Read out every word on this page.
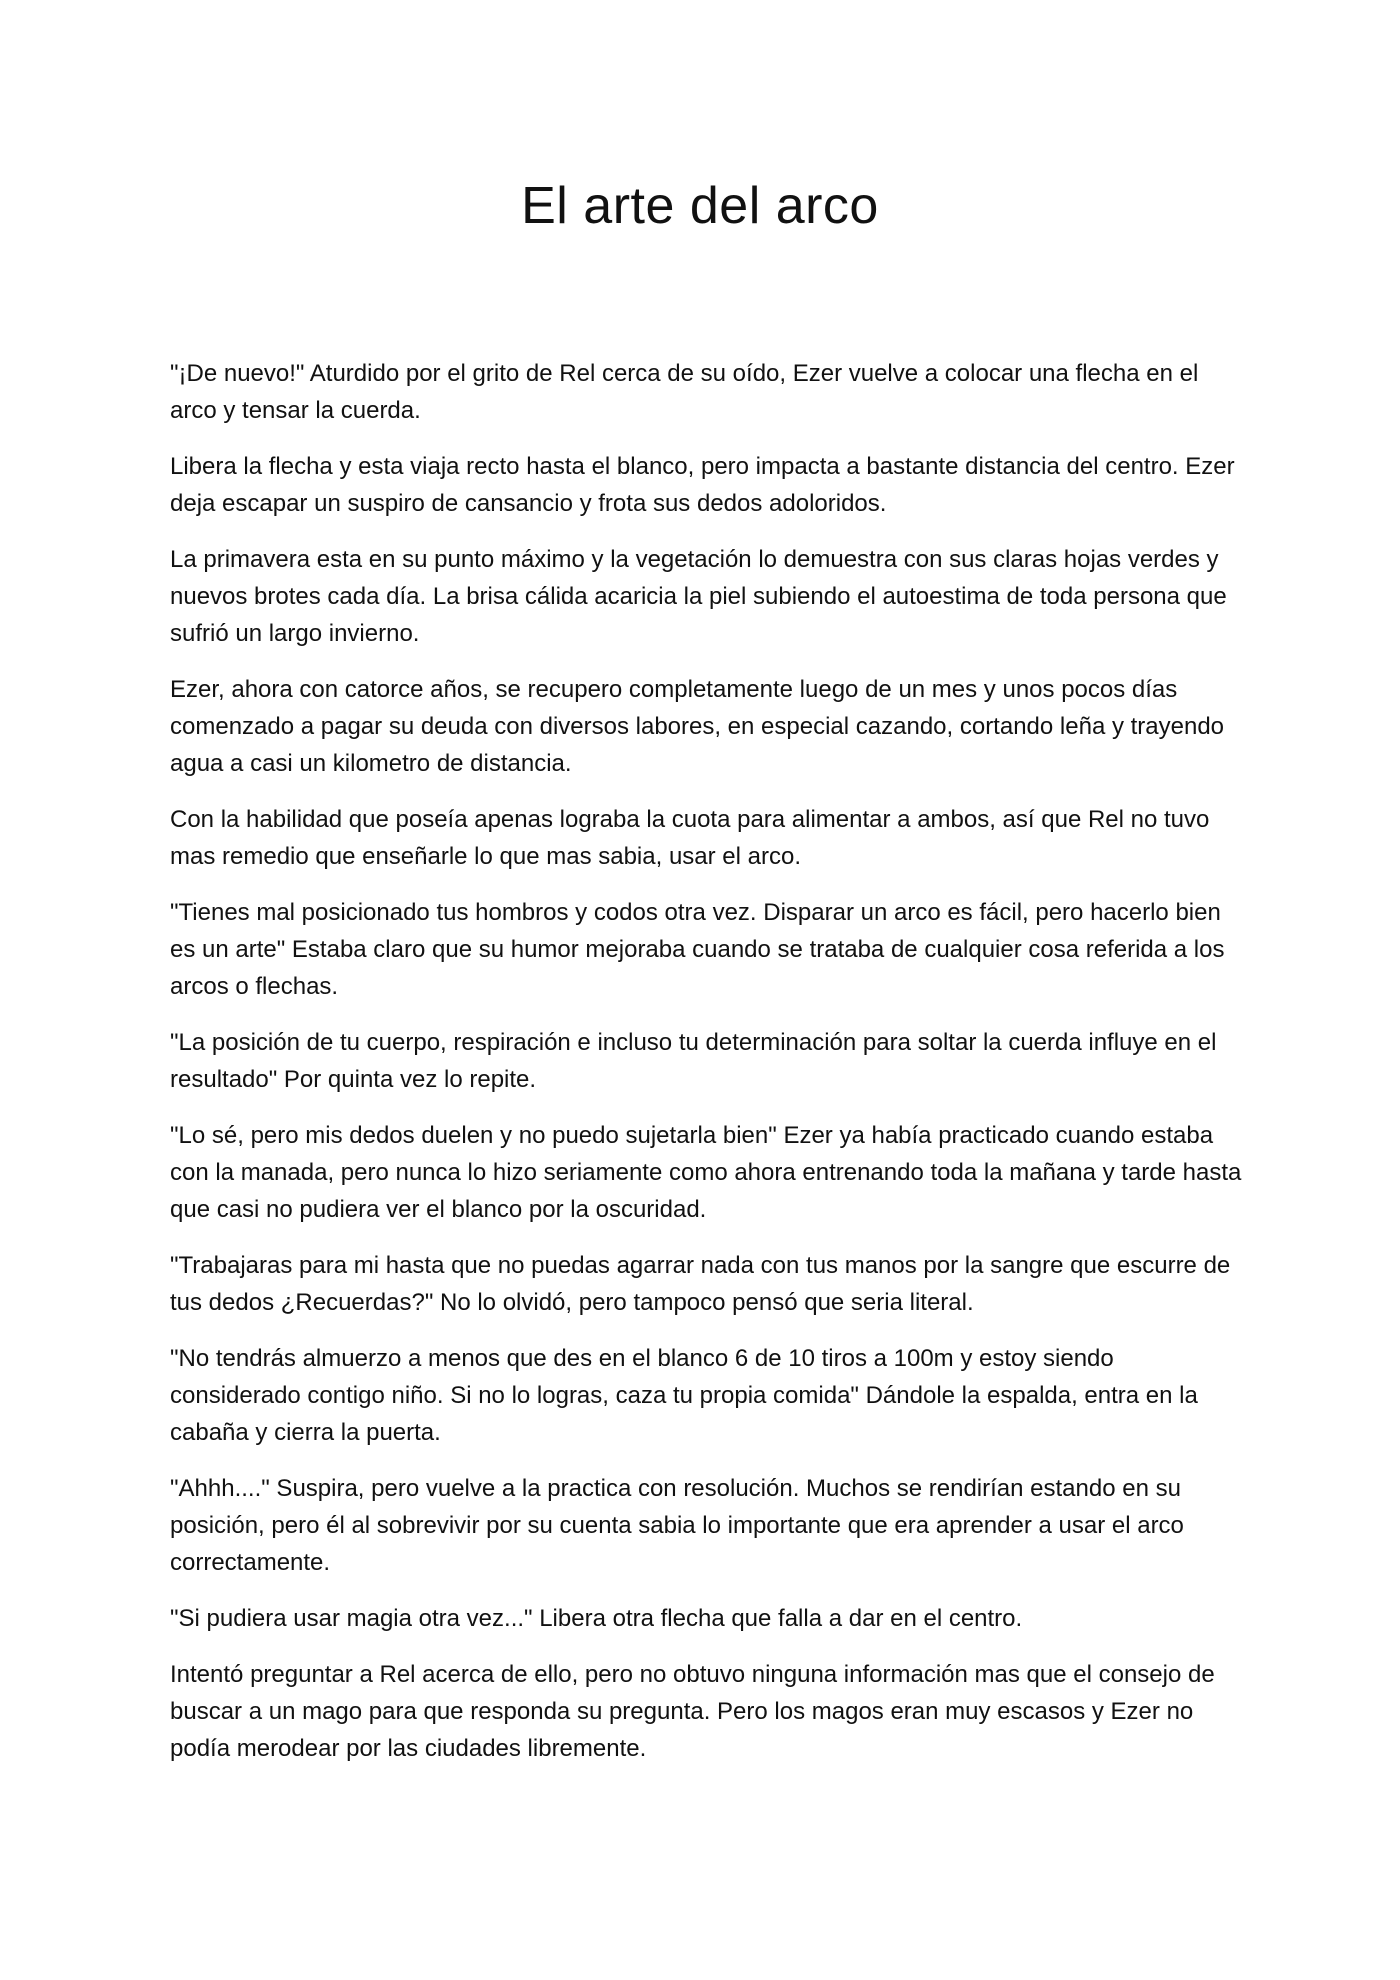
El arte del arco

"¡De nuevo!" Aturdido por el grito de Rel cerca de su oído, Ezer vuelve a colocar una flecha en el arco y tensar la cuerda.

Libera la flecha y esta viaja recto hasta el blanco, pero impacta a bastante distancia del centro. Ezer deja escapar un suspiro de cansancio y frota sus dedos adoloridos.

La primavera esta en su punto máximo y la vegetación lo demuestra con sus claras hojas verdes y nuevos brotes cada día. La brisa cálida acaricia la piel subiendo el autoestima de toda persona que sufrió un largo invierno.

Ezer, ahora con catorce años, se recupero completamente luego de un mes y unos pocos días comenzado a pagar su deuda con diversos labores, en especial cazando, cortando leña y trayendo agua a casi un kilometro de distancia.

Con la habilidad que poseía apenas lograba la cuota para alimentar a ambos, así que Rel no tuvo mas remedio que enseñarle lo que mas sabia, usar el arco.

"Tienes mal posicionado tus hombros y codos otra vez. Disparar un arco es fácil, pero hacerlo bien es un arte" Estaba claro que su humor mejoraba cuando se trataba de cualquier cosa referida a los arcos o flechas.

"La posición de tu cuerpo, respiración e incluso tu determinación para soltar la cuerda influye en el resultado" Por quinta vez lo repite.

"Lo sé, pero mis dedos duelen y no puedo sujetarla bien" Ezer ya había practicado cuando estaba con la manada, pero nunca lo hizo seriamente como ahora entrenando toda la mañana y tarde hasta que casi no pudiera ver el blanco por la oscuridad.

"Trabajaras para mi hasta que no puedas agarrar nada con tus manos por la sangre que escurre de tus dedos ¿Recuerdas?" No lo olvidó, pero tampoco pensó que seria literal.

"No tendrás almuerzo a menos que des en el blanco 6 de 10 tiros a 100m y estoy siendo considerado contigo niño. Si no lo logras, caza tu propia comida" Dándole la espalda, entra en la cabaña y cierra la puerta.

"Ahhh...." Suspira, pero vuelve a la practica con resolución. Muchos se rendirían estando en su posición, pero él al sobrevivir por su cuenta sabia lo importante que era aprender a usar el arco correctamente.

"Si pudiera usar magia otra vez..." Libera otra flecha que falla a dar en el centro.

Intentó preguntar a Rel acerca de ello, pero no obtuvo ninguna información mas que el consejo de buscar a un mago para que responda su pregunta. Pero los magos eran muy escasos y Ezer no podía merodear por las ciudades libremente.
